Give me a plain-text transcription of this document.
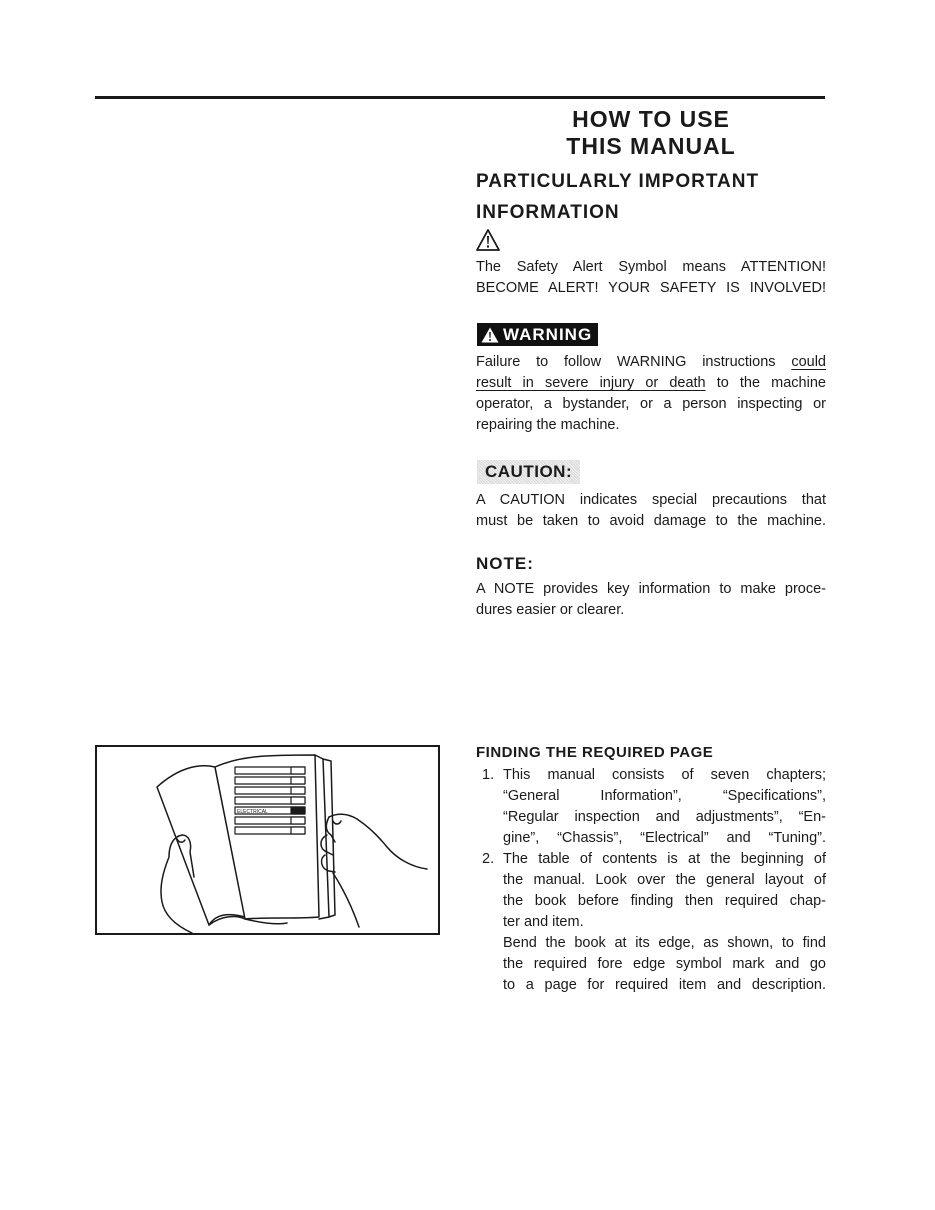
HOW TO USE
THIS MANUAL
PARTICULARLY IMPORTANT
INFORMATION
The Safety Alert Symbol means ATTENTION!
BECOME ALERT! YOUR SAFETY IS INVOLVED!
WARNING
Failure to follow WARNING instructions could
result in severe injury or death to the machine
operator, a bystander, or a person inspecting or
repairing the machine.
CAUTION:
A CAUTION indicates special precautions that
must be taken to avoid damage to the machine.
NOTE:
A NOTE provides key information to make proce-
dures easier or clearer.
ELECTRICAL
FINDING THE REQUIRED PAGE
1. This manual consists of seven chapters;
“General Information”, “Specifications”,
“Regular inspection and adjustments”, “En-
gine”, “Chassis”, “Electrical” and “Tuning”.
2. The table of contents is at the beginning of
the manual. Look over the general layout of
the book before finding then required chap-
ter and item.
Bend the book at its edge, as shown, to find
the required fore edge symbol mark and go
to a page for required item and description.
